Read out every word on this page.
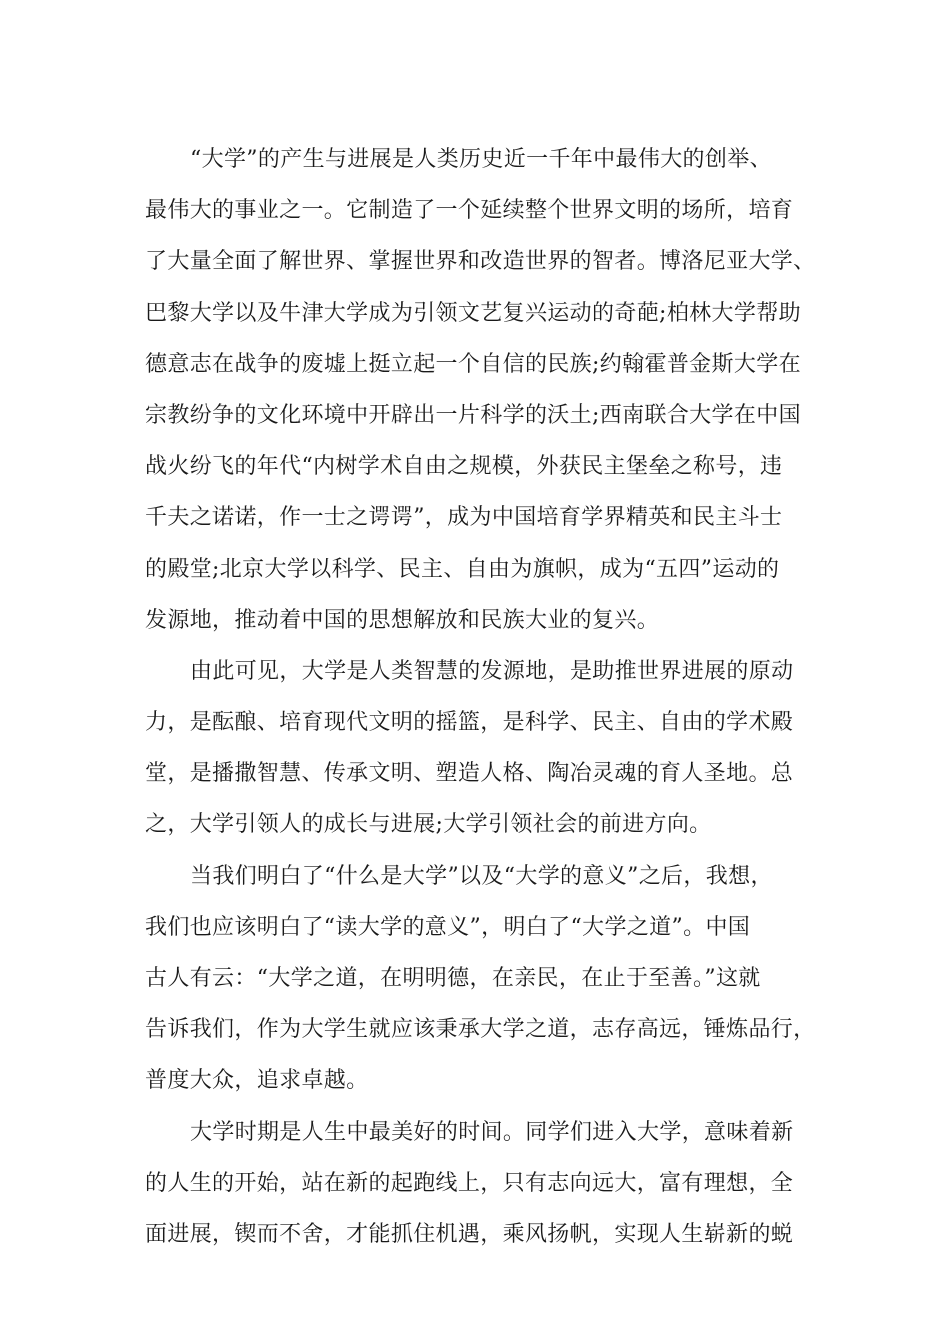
“大学”的产生与进展是人类历史近一千年中最伟大的创举、
最伟大的事业之一。它制造了一个延续整个世界文明的场所，培育
了大量全面了解世界、掌握世界和改造世界的智者。博洛尼亚大学、
巴黎大学以及牛津大学成为引领文艺复兴运动的奇葩;柏林大学帮助
德意志在战争的废墟上挺立起一个自信的民族;约翰霍普金斯大学在
宗教纷争的文化环境中开辟出一片科学的沃土;西南联合大学在中国
战火纷飞的年代“内树学术自由之规模，外获民主堡垒之称号，违
千夫之诺诺，作一士之谔谔”，成为中国培育学界精英和民主斗士
的殿堂;北京大学以科学、民主、自由为旗帜，成为“五四”运动的
发源地，推动着中国的思想解放和民族大业的复兴。
由此可见，大学是人类智慧的发源地，是助推世界进展的原动
力，是酝酿、培育现代文明的摇篮，是科学、民主、自由的学术殿
堂，是播撒智慧、传承文明、塑造人格、陶冶灵魂的育人圣地。总
之，大学引领人的成长与进展;大学引领社会的前进方向。
当我们明白了“什么是大学”以及“大学的意义”之后，我想，
我们也应该明白了“读大学的意义”，明白了“大学之道”。中国
古人有云：“大学之道，在明明德，在亲民，在止于至善。”这就
告诉我们，作为大学生就应该秉承大学之道，志存高远，锤炼品行，
普度大众，追求卓越。
大学时期是人生中最美好的时间。同学们进入大学，意味着新
的人生的开始，站在新的起跑线上，只有志向远大，富有理想，全
面进展，锲而不舍，才能抓住机遇，乘风扬帆，实现人生崭新的蜕
